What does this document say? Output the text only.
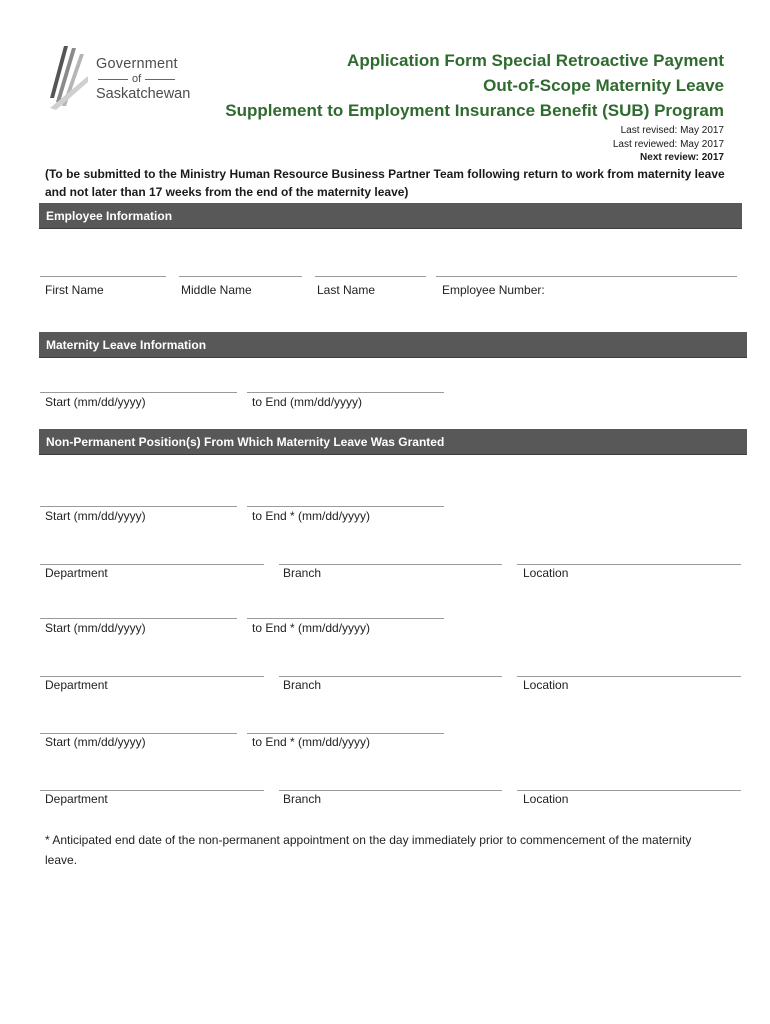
Government
of
Saskatchewan
Application Form Special Retroactive Payment
Out-of-Scope Maternity Leave
Supplement to Employment Insurance Benefit (SUB) Program
Last revised: May 2017
Last reviewed: May 2017
Next review: 2017
(To be submitted to the Ministry Human Resource Business Partner Team following return to work from maternity leave and not later than 17 weeks from the end of the maternity leave)
Employee Information
First Name	Middle Name	Last Name	Employee Number:
Maternity Leave Information
Start (mm/dd/yyyy)	to End (mm/dd/yyyy)
Non-Permanent Position(s) From Which Maternity Leave Was Granted
Start (mm/dd/yyyy)	to End * (mm/dd/yyyy)
Department	Branch	Location
Start (mm/dd/yyyy)	to End * (mm/dd/yyyy)
Department	Branch	Location
Start (mm/dd/yyyy)	to End * (mm/dd/yyyy)
Department	Branch	Location
* Anticipated end date of the non-permanent appointment on the day immediately prior to commencement of the maternity leave.
